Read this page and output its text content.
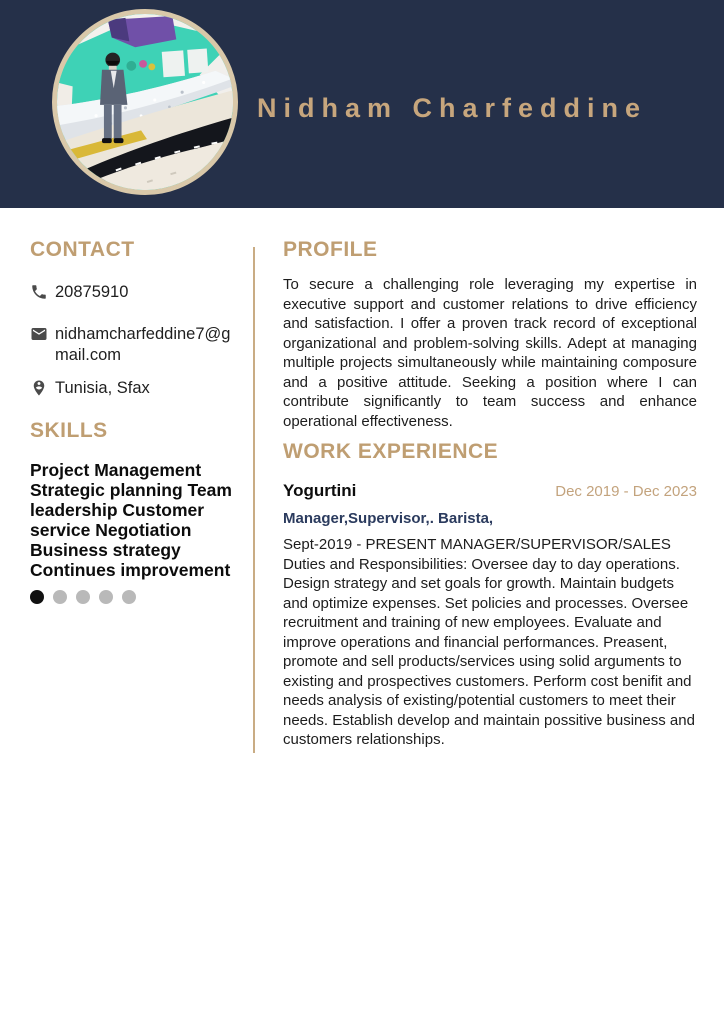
Nidham Charfeddine
CONTACT
20875910
nidhamcharfeddine7@gmail.com
Tunisia, Sfax
SKILLS
Project Management Strategic planning Team leadership Customer service Negotiation Business strategy Continues improvement
PROFILE
To secure a challenging role leveraging my expertise in executive support and customer relations to drive efficiency and satisfaction. I offer a proven track record of exceptional organizational and problem-solving skills. Adept at managing multiple projects simultaneously while maintaining composure and a positive attitude. Seeking a position where I can contribute significantly to team success and enhance operational effectiveness.
WORK EXPERIENCE
Yogurtini	Dec 2019 - Dec 2023
Manager,Supervisor,. Barista,
Sept-2019 - PRESENT MANAGER/SUPERVISOR/SALES Duties and Responsibilities: Oversee day to day operations. Design strategy and set goals for growth. Maintain budgets and optimize expenses. Set policies and processes. Oversee recruitment and training of new employees. Evaluate and improve operations and financial performances. Preasent, promote and sell products/services using solid arguments to existing and prospectives customers. Perform cost benifit and needs analysis of existing/potential customers to meet their needs. Establish develop and maintain possitive business and customers relationships.
